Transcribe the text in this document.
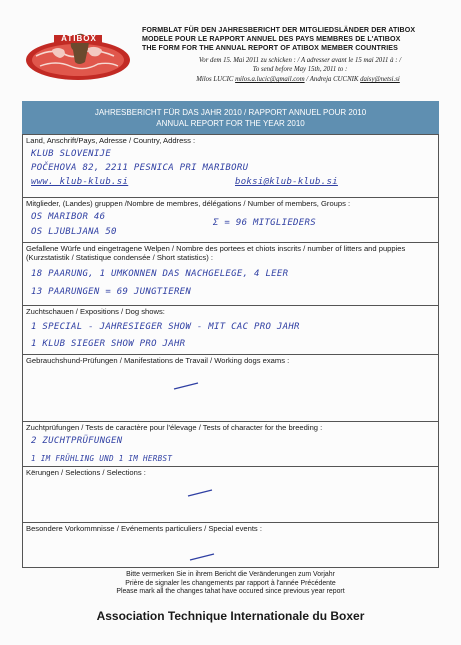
ATIBOX
FORMBLAT FÜR DEN JAHRESBERICHT DER MITGLIEDSLÄNDER DER ATIBOX
MODELE POUR LE RAPPORT ANNUEL DES PAYS MEMBRES DE L'ATIBOX
THE FORM FOR THE ANNUAL REPORT OF ATIBOX MEMBER COUNTRIES
Vor dem 15. Mai 2011 zu schicken : / A adresser avant le 15 mai 2011 à : /
To send before May 15th, 2011 to :
Milos LUCIC milos.a.lucic@gmail.com / Andreja CUCNIK daisy@netsi.si
JAHRESBERICHT FÜR DAS JAHR 2010 / RAPPORT ANNUEL POUR 2010
ANNUAL REPORT FOR THE YEAR 2010
Land, Anschrift/Pays, Adresse / Country, Address :
KLUB SLOVENIJE
POČEHOVA 82, 2211 PESNICA PRI MARIBORU
www. klub-klub.si	boksi@klub-klub.si
Mitglieder, (Landes) gruppen /Nombre de membres, délégations / Number of members, Groups :
OS MARIBOR 46
OS LJUBLJANA 50
Σ = 96 MITGLIEDERS
Gefallene Würfe und eingetragene Welpen / Nombre des portees et chiots inscrits / number of litters and puppies (Kurzstatistik / Statistique condensée / Short statistics) :
18 PAARUNG, 1 UMKONNEN DAS NACHGELEGE, 4 LEER
13 PAARUNGEN = 69 JUNGTIEREN
Zuchtschauen / Expositions / Dog shows:
1 SPECIAL - JAHRESIEGER SHOW - MIT CAC PRO JAHR
1 KLUB SIEGER SHOW PRO JAHR
Gebrauchshund-Prüfungen / Manifestations de Travail / Working dogs exams :
Zuchtprüfungen / Tests de caractère pour l'élevage / Tests of character for the breeding :
2 ZUCHTPRÜFUNGEN
1 IM FRÜHLING UND 1 IM HERBST
Kërungen / Selections / Selections :
Besondere Vorkommnisse / Evénements particuliers / Special events :
Bitte vermerken Sie in ihrem Bericht die Veränderungen zum Vorjahr
Prière de signaler les changements par rapport à l'année Précédente
Please mark all the changes tahat have occured since previous year report
Association Technique Internationale du Boxer
